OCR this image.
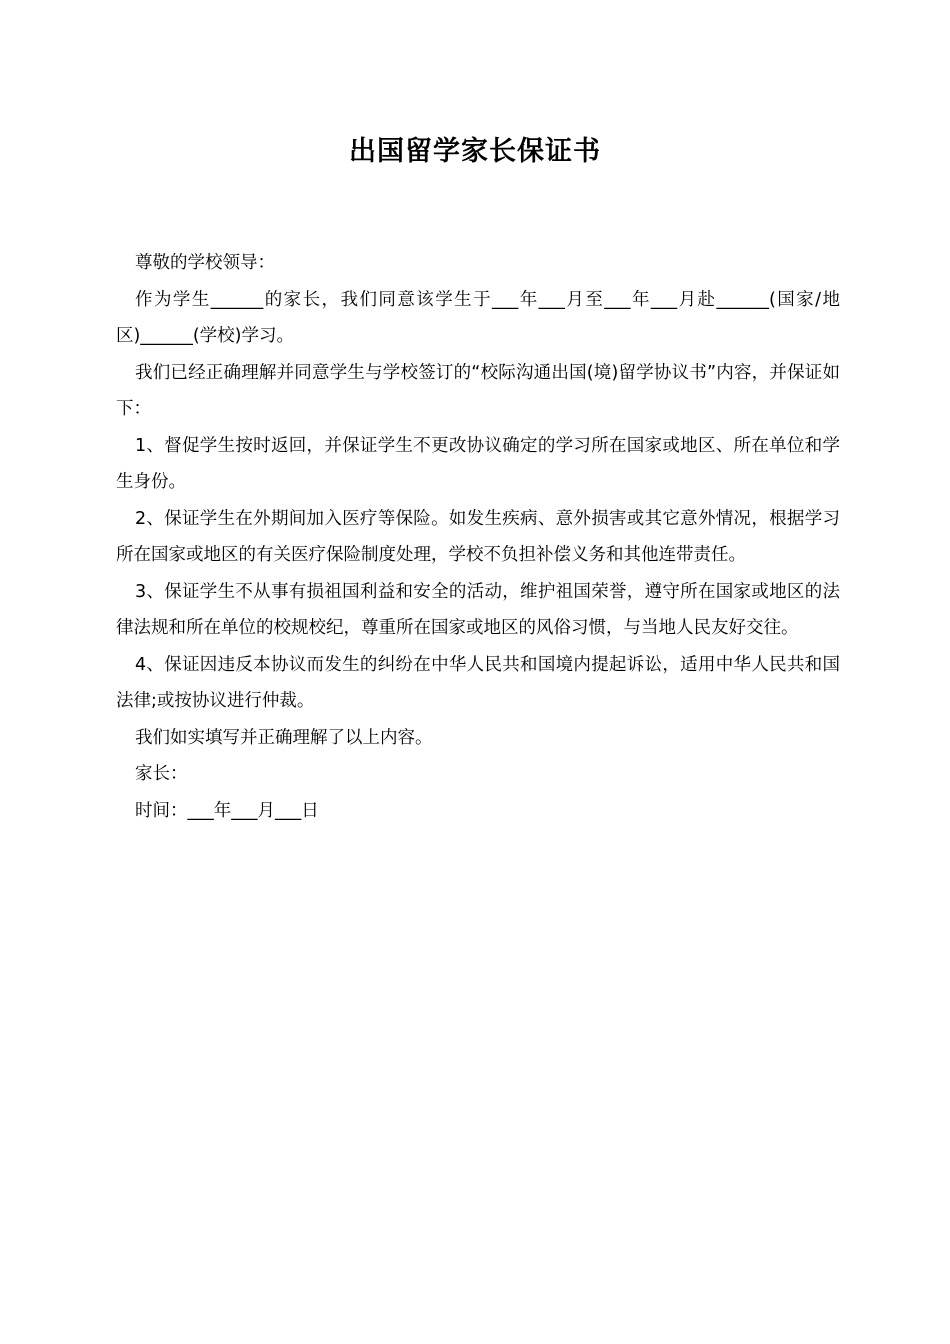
出国留学家长保证书

尊敬的学校领导：

作为学生______的家长，我们同意该学生于___年___月至___年___月赴______(国家/地区)______(学校)学习。

我们已经正确理解并同意学生与学校签订的“校际沟通出国(境)留学协议书”内容，并保证如下：

1、督促学生按时返回，并保证学生不更改协议确定的学习所在国家或地区、所在单位和学生身份。

2、保证学生在外期间加入医疗等保险。如发生疾病、意外损害或其它意外情况，根据学习所在国家或地区的有关医疗保险制度处理，学校不负担补偿义务和其他连带责任。

3、保证学生不从事有损祖国利益和安全的活动，维护祖国荣誉，遵守所在国家或地区的法律法规和所在单位的校规校纪，尊重所在国家或地区的风俗习惯，与当地人民友好交往。

4、保证因违反本协议而发生的纠纷在中华人民共和国境内提起诉讼，适用中华人民共和国法律;或按协议进行仲裁。

我们如实填写并正确理解了以上内容。

家长：

时间：___年___月___日
